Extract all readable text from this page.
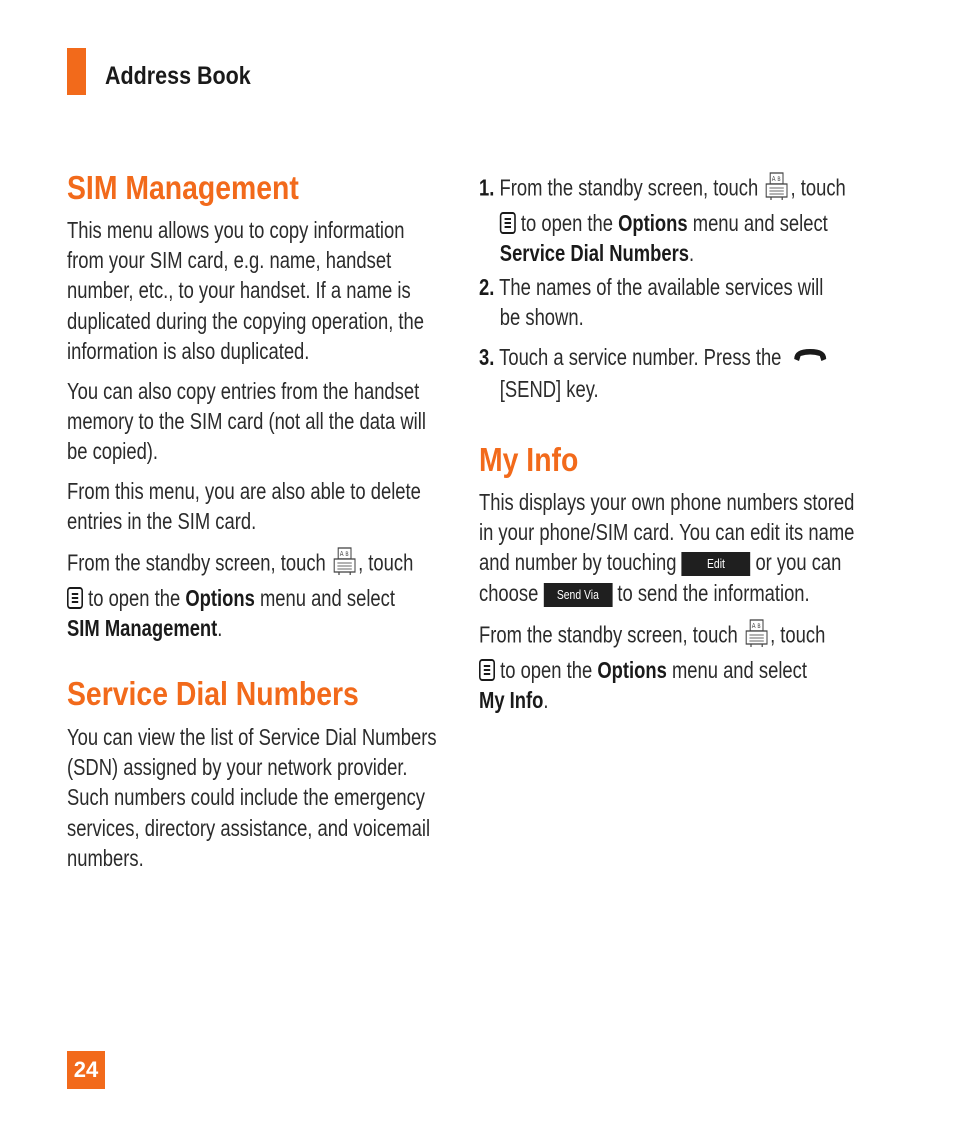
Address Book
SIM Management
This menu allows you to copy information
from your SIM card, e.g. name, handset
number, etc., to your handset. If a name is
duplicated during the copying operation, the
information is also duplicated.
You can also copy entries from the handset
memory to the SIM card (not all the data will
be copied).
From this menu, you are also able to delete
entries in the SIM card.
From the standby screen, touch A B , touch
to open the Options menu and select
SIM Management.
Service Dial Numbers
You can view the list of Service Dial Numbers
(SDN) assigned by your network provider.
Such numbers could include the emergency
services, directory assistance, and voicemail
numbers.
1. From the standby screen, touch A B , touch
to open the Options menu and select
Service Dial Numbers.
2. The names of the available services will
be shown.
3. Touch a service number. Press the
[SEND] key.
My Info
This displays your own phone numbers stored
in your phone/SIM card. You can edit its name
and number by touching Edit or you can
choose Send Via to send the information.
From the standby screen, touch A B , touch
to open the Options menu and select
My Info.
24
